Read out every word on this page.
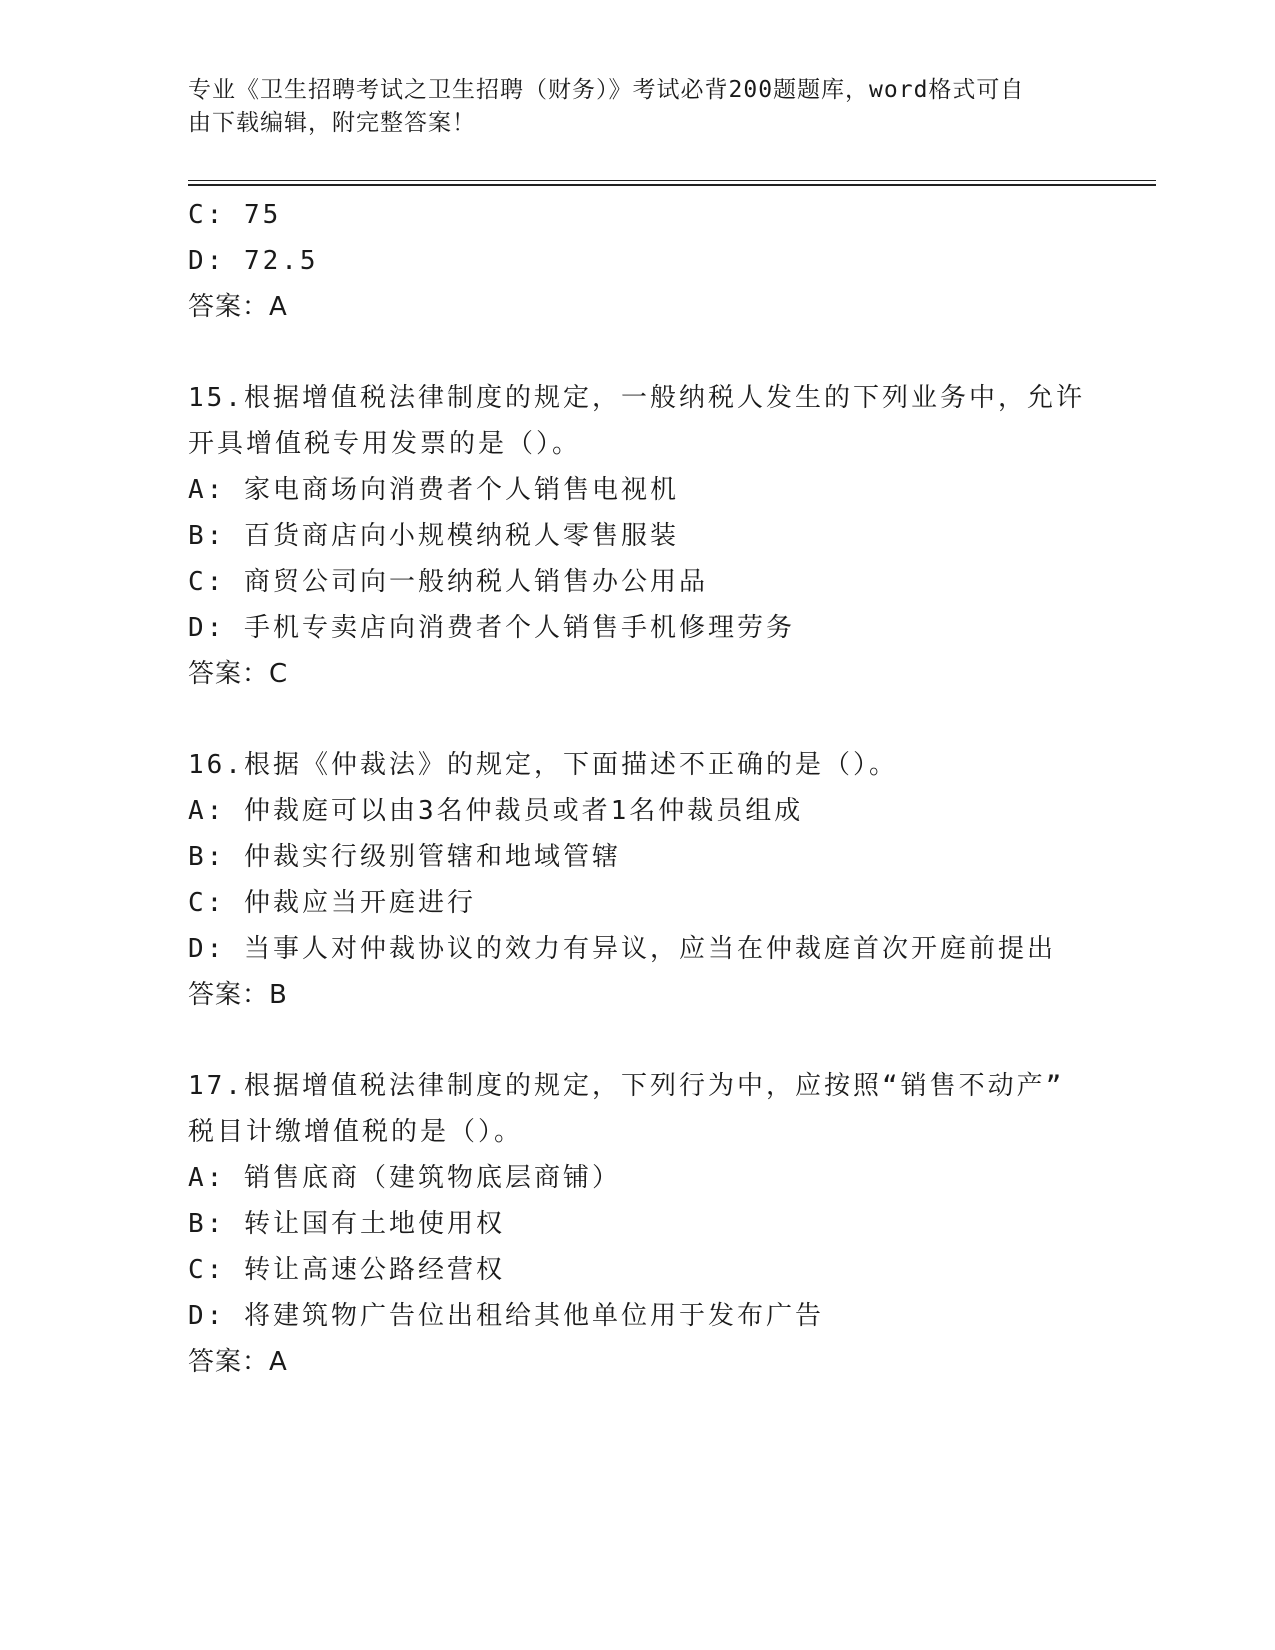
专业《卫生招聘考试之卫生招聘（财务）》考试必背200题题库，word格式可自
由下载编辑，附完整答案！
C: 75
D: 72.5
答案：A
15.根据增值税法律制度的规定，一般纳税人发生的下列业务中，允许
开具增值税专用发票的是（）。
A: 家电商场向消费者个人销售电视机
B: 百货商店向小规模纳税人零售服装
C: 商贸公司向一般纳税人销售办公用品
D: 手机专卖店向消费者个人销售手机修理劳务
答案：C
16.根据《仲裁法》的规定，下面描述不正确的是（）。
A: 仲裁庭可以由3名仲裁员或者1名仲裁员组成
B: 仲裁实行级别管辖和地域管辖
C: 仲裁应当开庭进行
D: 当事人对仲裁协议的效力有异议，应当在仲裁庭首次开庭前提出
答案：B
17.根据增值税法律制度的规定，下列行为中，应按照“销售不动产”
税目计缴增值税的是（）。
A: 销售底商（建筑物底层商铺）
B: 转让国有土地使用权
C: 转让高速公路经营权
D: 将建筑物广告位出租给其他单位用于发布广告
答案：A
